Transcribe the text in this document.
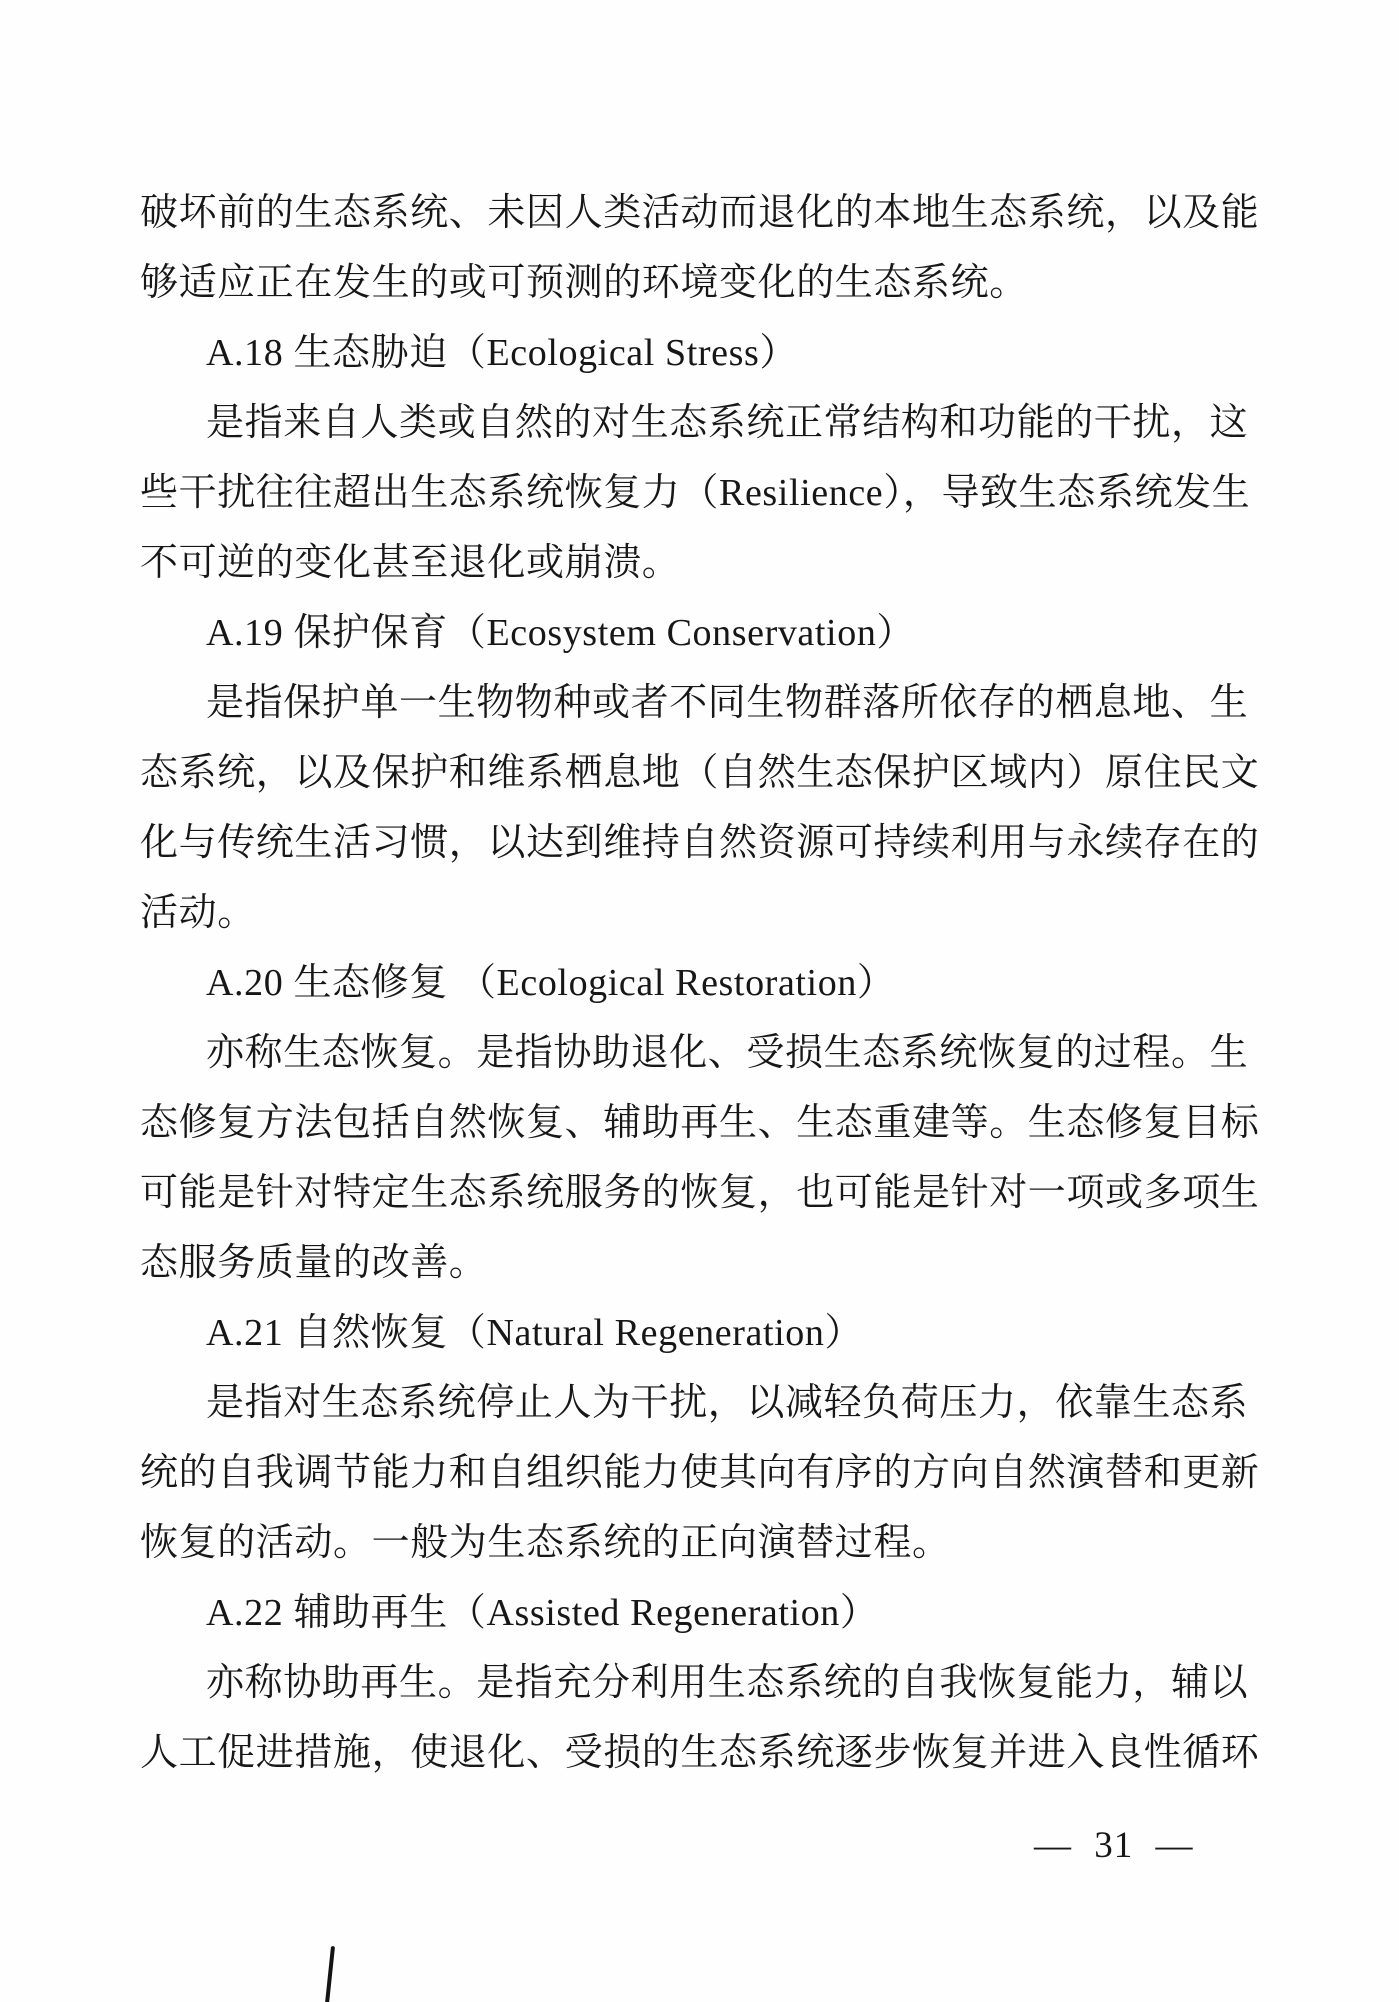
破坏前的生态系统、未因人类活动而退化的本地生态系统，以及能

够适应正在发生的或可预测的环境变化的生态系统。

A.18 生态胁迫（Ecological Stress）

是指来自人类或自然的对生态系统正常结构和功能的干扰，这

些干扰往往超出生态系统恢复力（Resilience），导致生态系统发生

不可逆的变化甚至退化或崩溃。

A.19 保护保育（Ecosystem Conservation）

是指保护单一生物物种或者不同生物群落所依存的栖息地、生

态系统，以及保护和维系栖息地（自然生态保护区域内）原住民文

化与传统生活习惯，以达到维持自然资源可持续利用与永续存在的

活动。

A.20 生态修复 （Ecological Restoration）

亦称生态恢复。是指协助退化、受损生态系统恢复的过程。生

态修复方法包括自然恢复、辅助再生、生态重建等。生态修复目标

可能是针对特定生态系统服务的恢复，也可能是针对一项或多项生

态服务质量的改善。

A.21 自然恢复（Natural Regeneration）

是指对生态系统停止人为干扰，以减轻负荷压力，依靠生态系

统的自我调节能力和自组织能力使其向有序的方向自然演替和更新

恢复的活动。一般为生态系统的正向演替过程。

A.22 辅助再生（Assisted Regeneration）

亦称协助再生。是指充分利用生态系统的自我恢复能力，辅以

人工促进措施，使退化、受损的生态系统逐步恢复并进入良性循环

— 31 —
